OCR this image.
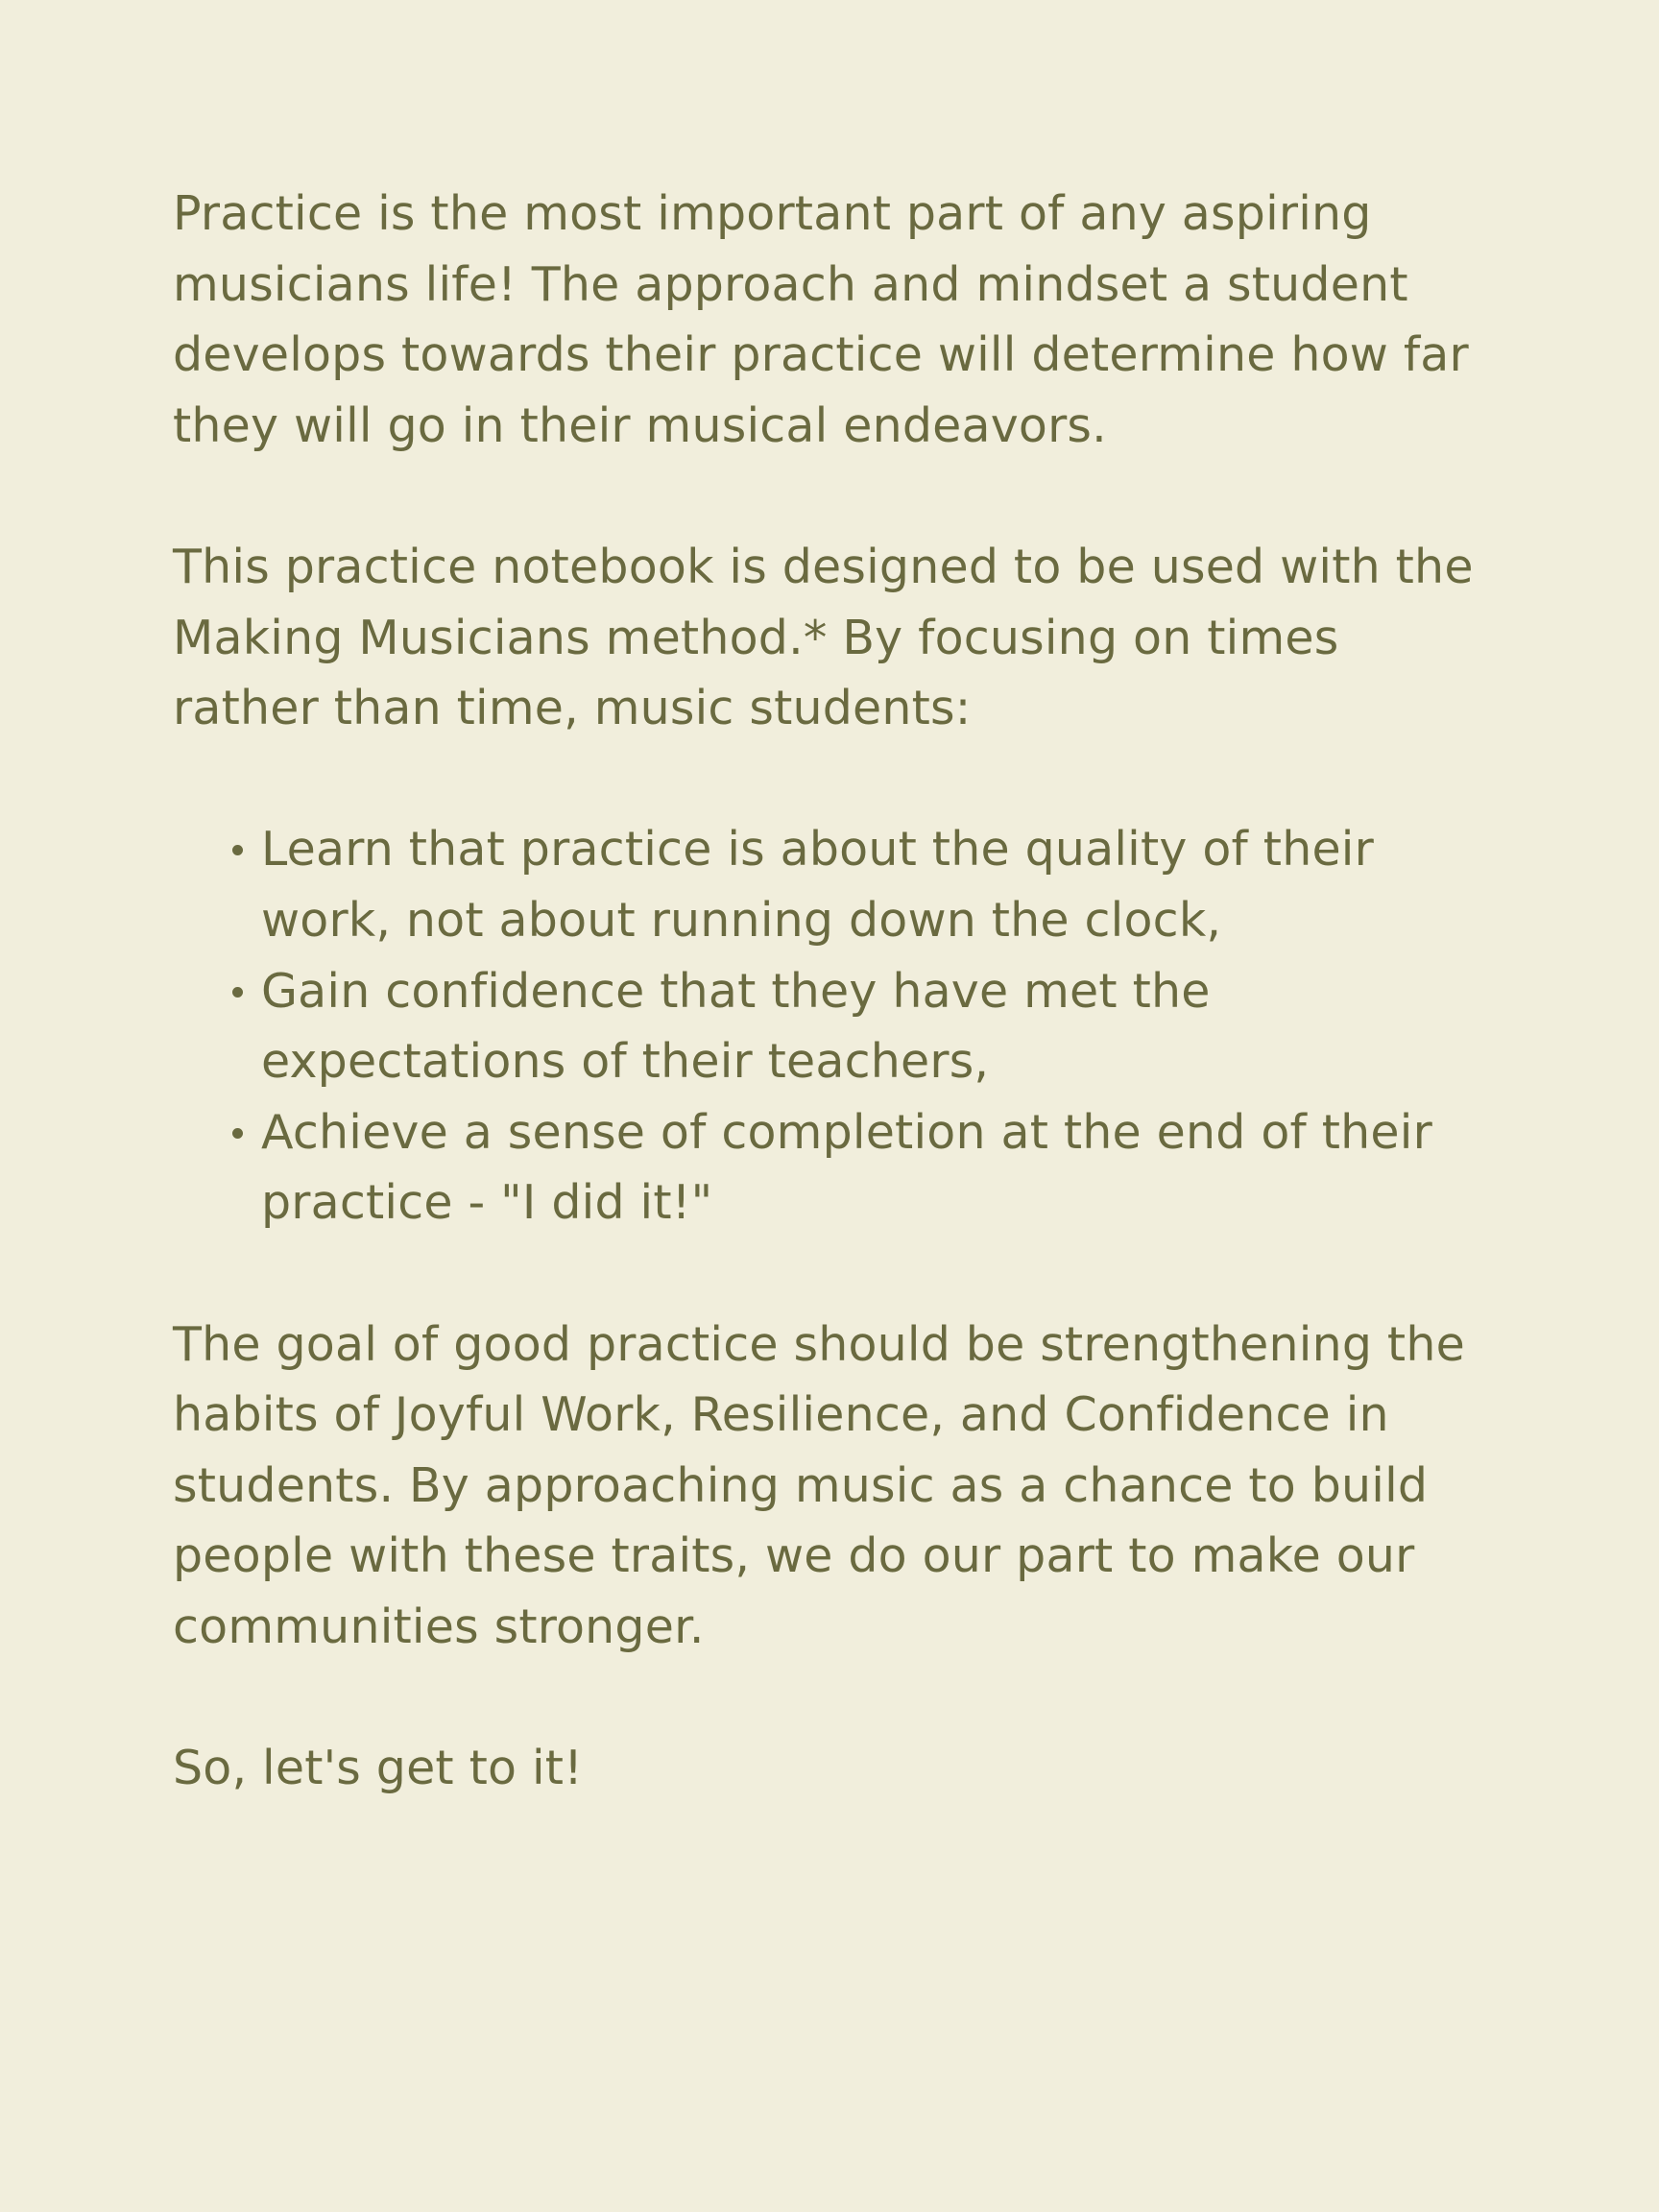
Practice is the most important part of any aspiring musicians life! The approach and mindset a student develops towards their practice will determine how far they will go in their musical endeavors.

This practice notebook is designed to be used with the Making Musicians method.* By focusing on times rather than time, music students:

Learn that practice is about the quality of their work, not about running down the clock,
Gain confidence that they have met the expectations of their teachers,
Achieve a sense of completion at the end of their practice - "I did it!"

The goal of good practice should be strengthening the habits of Joyful Work, Resilience, and Confidence in students. By approaching music as a chance to build people with these traits, we do our part to make our communities stronger.

So, let's get to it!
